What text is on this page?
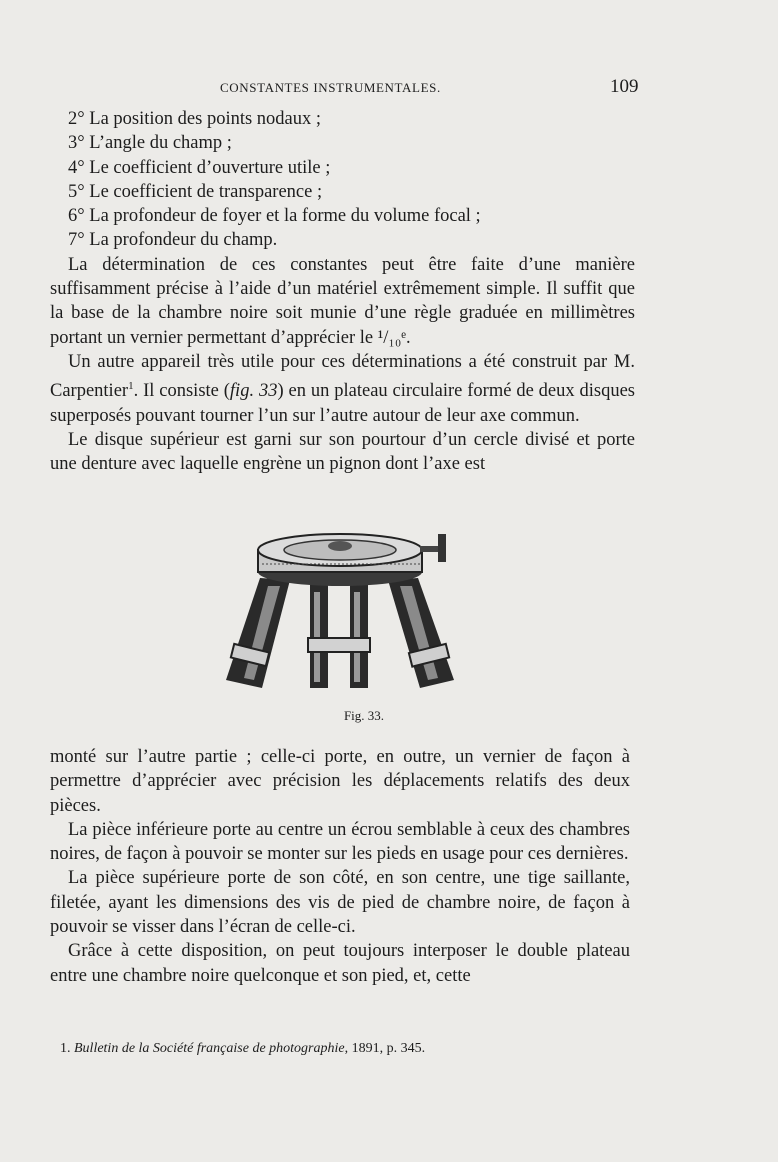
CONSTANTES INSTRUMENTALES.	109
2° La position des points nodaux ;
3° L’angle du champ ;
4° Le coefficient d’ouverture utile ;
5° Le coefficient de transparence ;
6° La profondeur de foyer et la forme du volume focal ;
7° La profondeur du champ.

La détermination de ces constantes peut être faite d’une manière suffisamment précise à l’aide d’un matériel extrêmement simple. Il suffit que la base de la chambre noire soit munie d’une règle graduée en millimètres portant un vernier permettant d’apprécier le ¹/₁₀ᵉ.

Un autre appareil très utile pour ces déterminations a été construit par M. Carpentier$^1$. Il consiste (fig. 33) en un plateau circulaire formé de deux disques superposés pouvant tourner l’un sur l’autre autour de leur axe commun.

Le disque supérieur est garni sur son pourtour d’un cercle divisé et porte une denture avec laquelle engrène un pignon dont l’axe est

Fig. 33.

monté sur l’autre partie ; celle-ci porte, en outre, un vernier de façon à permettre d’apprécier avec précision les déplacements relatifs des deux pièces.

La pièce inférieure porte au centre un écrou semblable à ceux des chambres noires, de façon à pouvoir se monter sur les pieds en usage pour ces dernières.

La pièce supérieure porte de son côté, en son centre, une tige saillante, filetée, ayant les dimensions des vis de pied de chambre noire, de façon à pouvoir se visser dans l’écran de celle-ci.

Grâce à cette disposition, on peut toujours interposer le double plateau entre une chambre noire quelconque et son pied, et, cette

1. Bulletin de la Société française de photographie, 1891, p. 345.
